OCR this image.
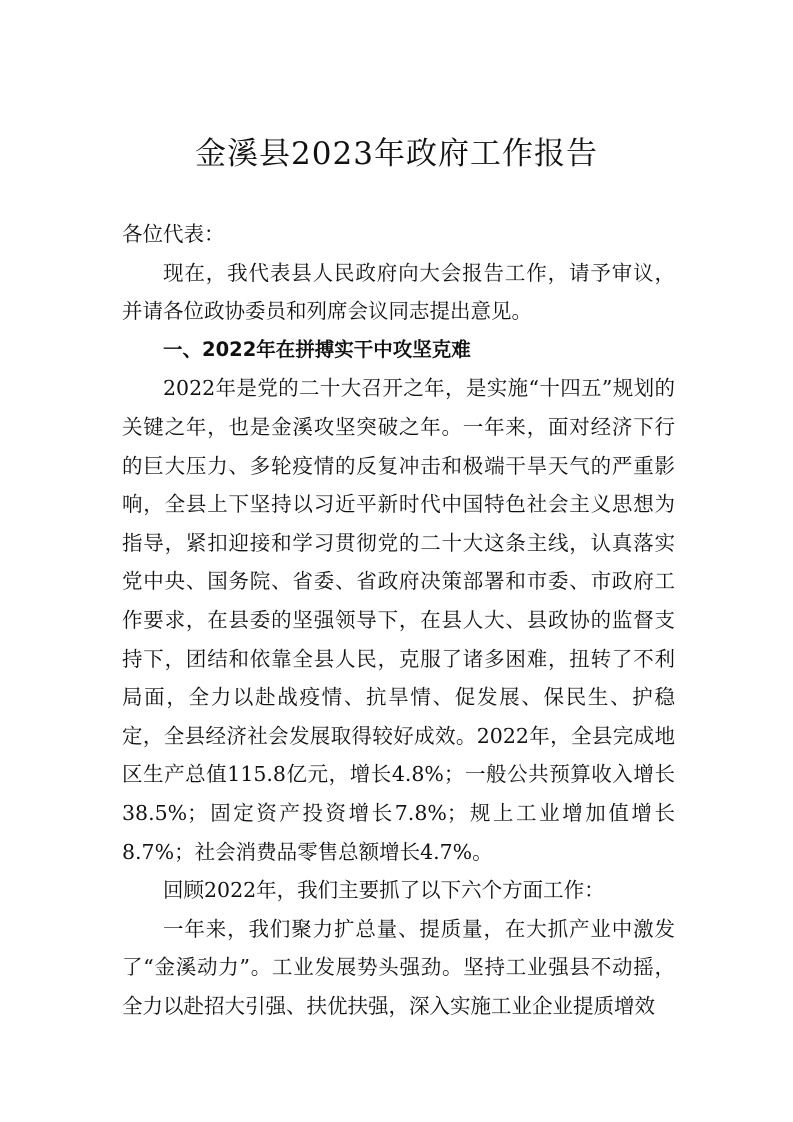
金溪县2023年政府工作报告

各位代表：

现在，我代表县人民政府向大会报告工作，请予审议，并请各位政协委员和列席会议同志提出意见。

一、2022年在拼搏实干中攻坚克难

2022年是党的二十大召开之年，是实施“十四五”规划的关键之年，也是金溪攻坚突破之年。一年来，面对经济下行的巨大压力、多轮疫情的反复冲击和极端干旱天气的严重影响，全县上下坚持以习近平新时代中国特色社会主义思想为指导，紧扣迎接和学习贯彻党的二十大这条主线，认真落实党中央、国务院、省委、省政府决策部署和市委、市政府工作要求，在县委的坚强领导下，在县人大、县政协的监督支持下，团结和依靠全县人民，克服了诸多困难，扭转了不利局面，全力以赴战疫情、抗旱情、促发展、保民生、护稳定，全县经济社会发展取得较好成效。2022年，全县完成地区生产总值115.8亿元，增长4.8%；一般公共预算收入增长38.5%；固定资产投资增长7.8%；规上工业增加值增长8.7%；社会消费品零售总额增长4.7%。

回顾2022年，我们主要抓了以下六个方面工作：

一年来，我们聚力扩总量、提质量，在大抓产业中激发了“金溪动力”。工业发展势头强劲。坚持工业强县不动摇，全力以赴招大引强、扶优扶强，深入实施工业企业提质增效
